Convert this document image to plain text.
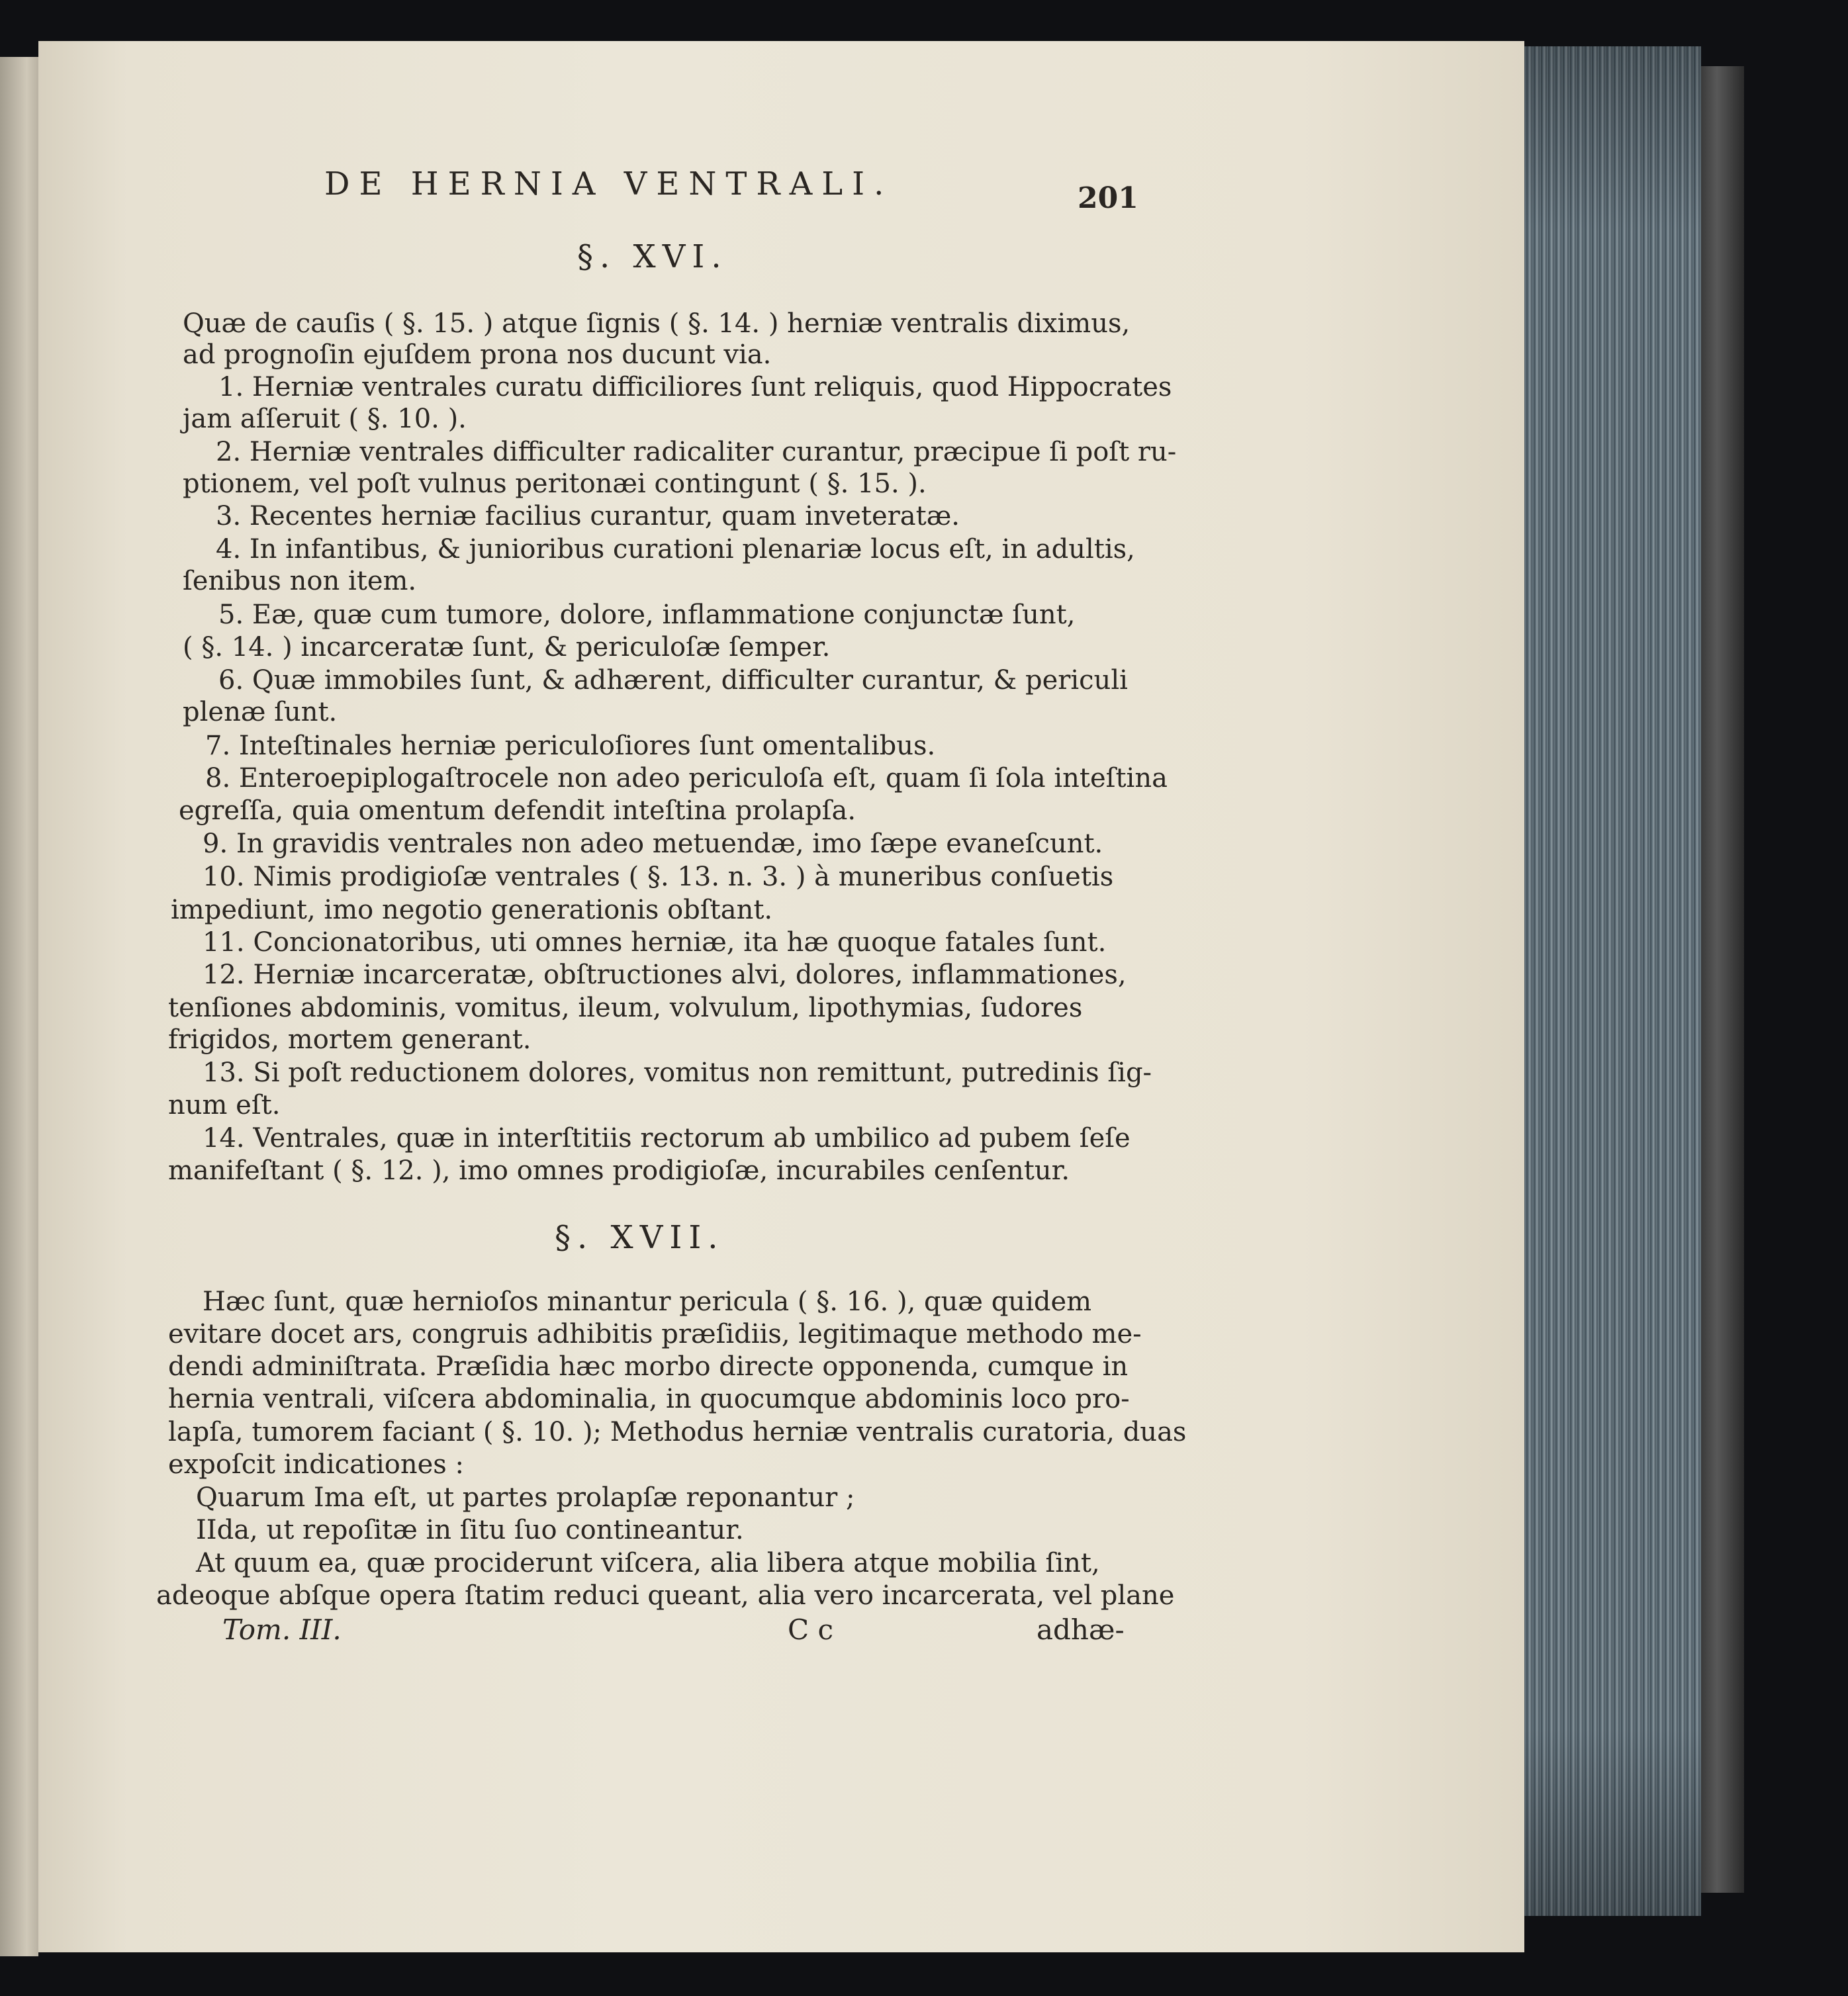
DE HERNIA VENTRALI.	201
§. XVI.
Quæ de cauſis ( §. 15. ) atque ſignis ( §. 14. ) herniæ ventralis diximus,
ad prognoſin ejuſdem prona nos ducunt via.
1. Herniæ ventrales curatu difficiliores ſunt reliquis, quod Hippocrates
jam aſſeruit ( §. 10. ).
2. Herniæ ventrales difficulter radicaliter curantur, præcipue ſi poſt ru-
ptionem, vel poſt vulnus peritonæi contingunt ( §. 15. ).
3. Recentes herniæ facilius curantur, quam inveteratæ.
4. In infantibus, & junioribus curationi plenariæ locus eſt, in adultis,
ſenibus non item.
5. Eæ, quæ cum tumore, dolore, inflammatione conjunctæ ſunt,
( §. 14. ) incarceratæ ſunt, & periculoſæ ſemper.
6. Quæ immobiles ſunt, & adhærent, difficulter curantur, & periculi
plenæ ſunt.
7. Inteſtinales herniæ periculoſiores ſunt omentalibus.
8. Enteroepiplogaſtrocele non adeo periculoſa eſt, quam ſi ſola inteſtina
egreſſa, quia omentum defendit inteſtina prolapſa.
9. In gravidis ventrales non adeo metuendæ, imo ſæpe evaneſcunt.
10. Nimis prodigioſæ ventrales ( §. 13. n. 3. ) à muneribus conſuetis
impediunt, imo negotio generationis obſtant.
11. Concionatoribus, uti omnes herniæ, ita hæ quoque fatales ſunt.
12. Herniæ incarceratæ, obſtructiones alvi, dolores, inflammationes,
tenſiones abdominis, vomitus, ileum, volvulum, lipothymias, ſudores
frigidos, mortem generant.
13. Si poſt reductionem dolores, vomitus non remittunt, putredinis ſig-
num eſt.
14. Ventrales, quæ in interſtitiis rectorum ab umbilico ad pubem ſeſe
manifeſtant ( §. 12. ), imo omnes prodigioſæ, incurabiles cenſentur.
§. XVII.
Hæc ſunt, quæ hernioſos minantur pericula ( §. 16. ), quæ quidem
evitare docet ars, congruis adhibitis præſidiis, legitimaque methodo me-
dendi adminiſtrata. Præſidia hæc morbo directe opponenda, cumque in
hernia ventrali, viſcera abdominalia, in quocumque abdominis loco pro-
lapſa, tumorem faciant ( §. 10. ); Methodus herniæ ventralis curatoria, duas
expoſcit indicationes :
Quarum Ima eſt, ut partes prolapſæ reponantur ;
IIda, ut repoſitæ in ſitu ſuo contineantur.
At quum ea, quæ prociderunt viſcera, alia libera atque mobilia ſint,
adeoque abſque opera ſtatim reduci queant, alia vero incarcerata, vel plane
Tom. III.	C c	adhæ-
